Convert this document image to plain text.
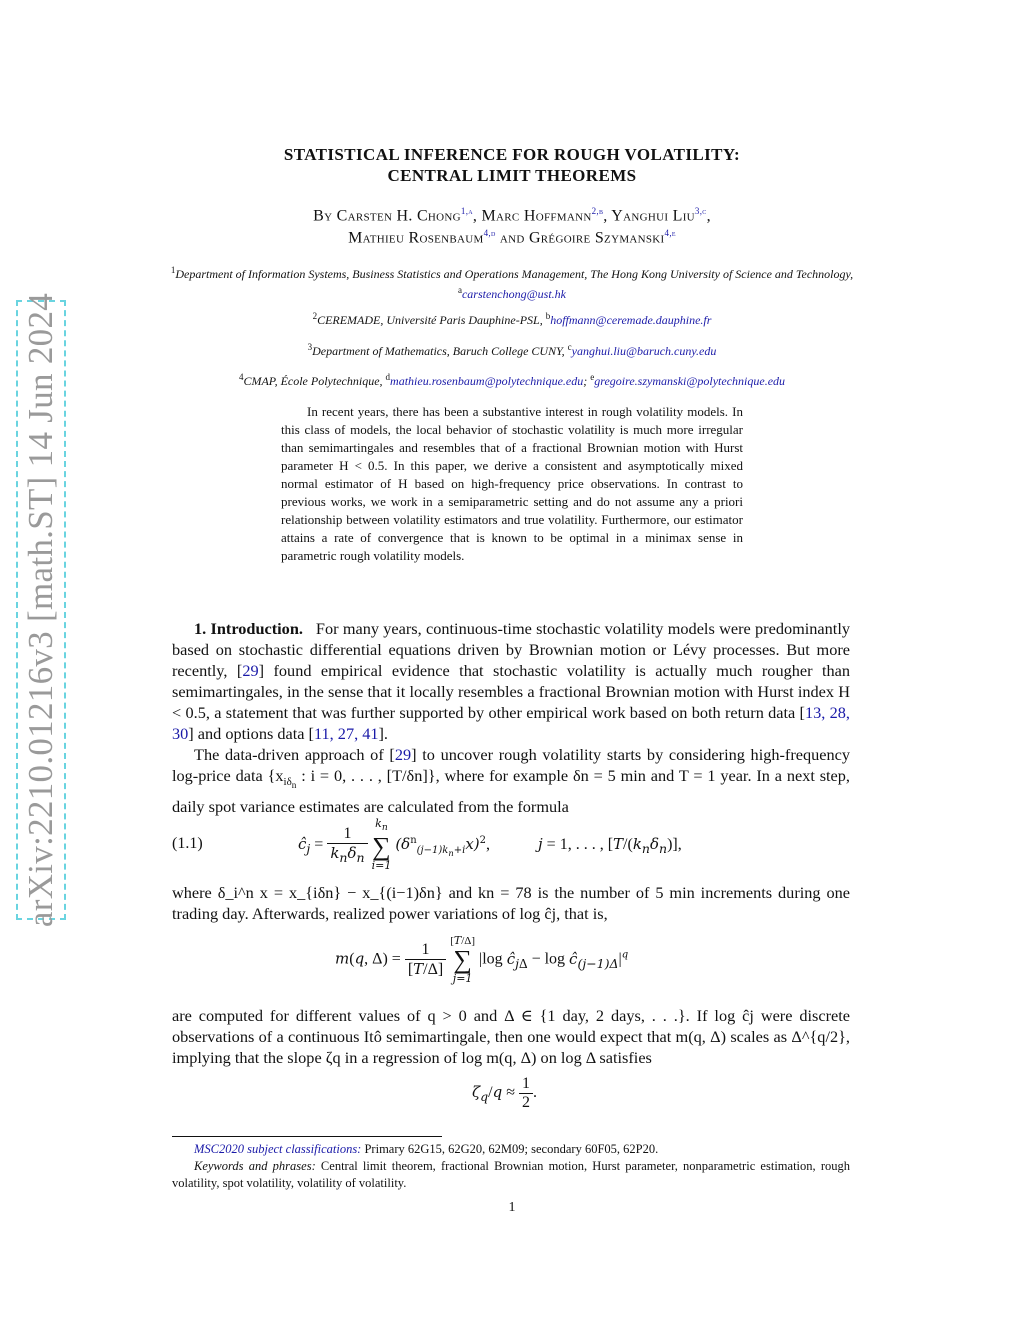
arXiv:2210.01216v3 [math.ST] 14 Jun 2024
STATISTICAL INFERENCE FOR ROUGH VOLATILITY:
CENTRAL LIMIT THEOREMS
By Carsten H. Chong$^{1,a}$, Marc Hoffmann$^{2,b}$, Yanghui Liu$^{3,c}$,
Mathieu Rosenbaum$^{4,d}$ and Grégoire Szymanski$^{4,e}$
$^1$Department of Information Systems, Business Statistics and Operations Management, The Hong Kong University of Science and Technology, $^a$carstenchong@ust.hk
$^2$CEREMADE, Université Paris Dauphine-PSL, $^b$hoffmann@ceremade.dauphine.fr
$^3$Department of Mathematics, Baruch College CUNY, $^c$yanghui.liu@baruch.cuny.edu
$^4$CMAP, École Polytechnique, $^d$mathieu.rosenbaum@polytechnique.edu; $^e$gregoire.szymanski@polytechnique.edu
In recent years, there has been a substantive interest in rough volatility models. In this class of models, the local behavior of stochastic volatility is much more irregular than semimartingales and resembles that of a fractional Brownian motion with Hurst parameter H < 0.5. In this paper, we derive a consistent and asymptotically mixed normal estimator of H based on high-frequency price observations. In contrast to previous works, we work in a semiparametric setting and do not assume any a priori relationship between volatility estimators and true volatility. Furthermore, our estimator attains a rate of convergence that is known to be optimal in a minimax sense in parametric rough volatility models.

1. Introduction. For many years, continuous-time stochastic volatility models were predominantly based on stochastic differential equations driven by Brownian motion or Lévy processes. But more recently, [29] found empirical evidence that stochastic volatility is actually much rougher than semimartingales, in the sense that it locally resembles a fractional Brownian motion with Hurst index H < 0.5, a statement that was further supported by other empirical work based on both return data [13, 28, 30] and options data [11, 27, 41].

The data-driven approach of [29] to uncover rough volatility starts by considering high-frequency log-price data {$x_{i\delta_n}$ : i = 0, . . . , [T/δn]}, where for example δn = 5 min and T = 1 year. In a next step, daily spot variance estimates are calculated from the formula

(1.1)	$ĉ_j = \frac{1}{k_n\delta_n}$
$k_n$
∑
i=1 $(\delta^n_{(j-1)k_n+i}x)^2$,	j = 1, . . . , $[T/(k_n\delta_n)]$,
where δ_i^n x = x_{iδn} − x_{(i−1)δn} and kn = 78 is the number of 5 min increments during one trading day. Afterwards, realized power variations of log ĉj, that is,
m(q, $\Delta) = \frac{1}{[T/\Delta]} [T/\Delta]$
∑
j=1 |log $ĉ_{j\Delta} - \log$ $ĉ_{(j-1)\Delta}|^q$
are computed for different values of q > 0 and Δ ∈ {1 day, 2 days, . . .}. If log ĉj were discrete observations of a continuous Itô semimartingale, then one would expect that m(q, Δ) scales as Δ^{q/2}, implying that the slope ζq in a regression of log m(q, Δ) on log Δ satisfies
$\zeta_q/q \approx \frac{1}{2}$ .

MSC2020 subject classifications: Primary 62G15, 62G20, 62M09; secondary 60F05, 62P20.

Keywords and phrases: Central limit theorem, fractional Brownian motion, Hurst parameter, nonparametric estimation, rough volatility, spot volatility, volatility of volatility.

1
